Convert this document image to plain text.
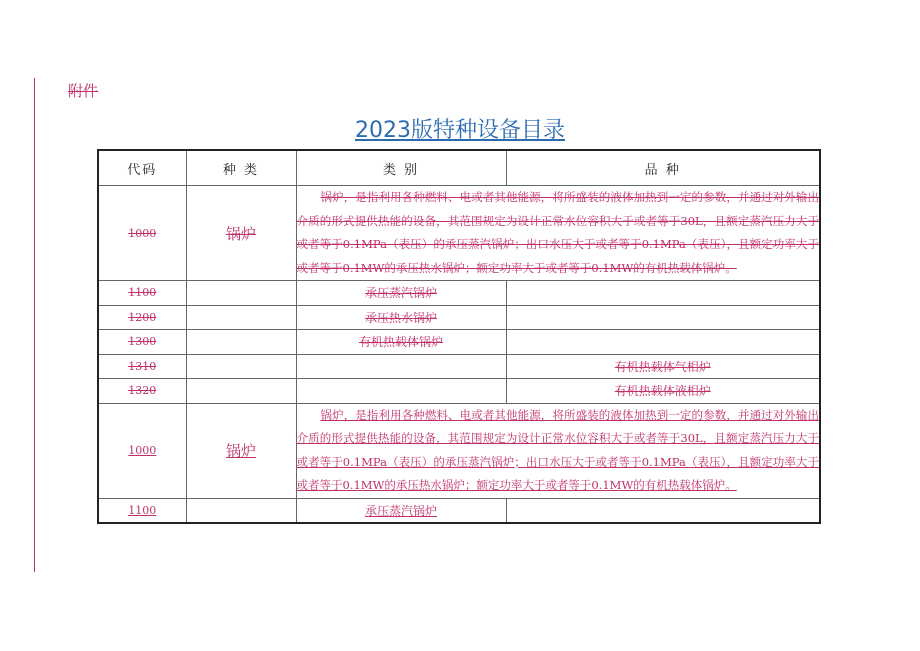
附件
2023版特种设备目录
代码	种 类	类 别	品 种
1000	锅炉	锅炉，是指利用各种燃料、电或者其他能源，将所盛装的液体加热到一定的参数，并通过对外输出介质的形式提供热能的设备，其范围规定为设计正常水位容积大于或者等于30L，且额定蒸汽压力大于或者等于0.1MPa（表压）的承压蒸汽锅炉；出口水压大于或者等于0.1MPa（表压），且额定功率大于或者等于0.1MW的承压热水锅炉；额定功率大于或者等于0.1MW的有机热载体锅炉。	
1100		承压蒸汽锅炉	
1200		承压热水锅炉	
1300		有机热载体锅炉	
1310			有机热载体气相炉
1320			有机热载体液相炉
1000	锅炉	锅炉，是指利用各种燃料、电或者其他能源，将所盛装的液体加热到一定的参数，并通过对外输出介质的形式提供热能的设备，其范围规定为设计正常水位容积大于或者等于30L，且额定蒸汽压力大于或者等于0.1MPa（表压）的承压蒸汽锅炉；出口水压大于或者等于0.1MPa（表压），且额定功率大于或者等于0.1MW的承压热水锅炉；额定功率大于或者等于0.1MW的有机热载体锅炉。	
1100		承压蒸汽锅炉	
